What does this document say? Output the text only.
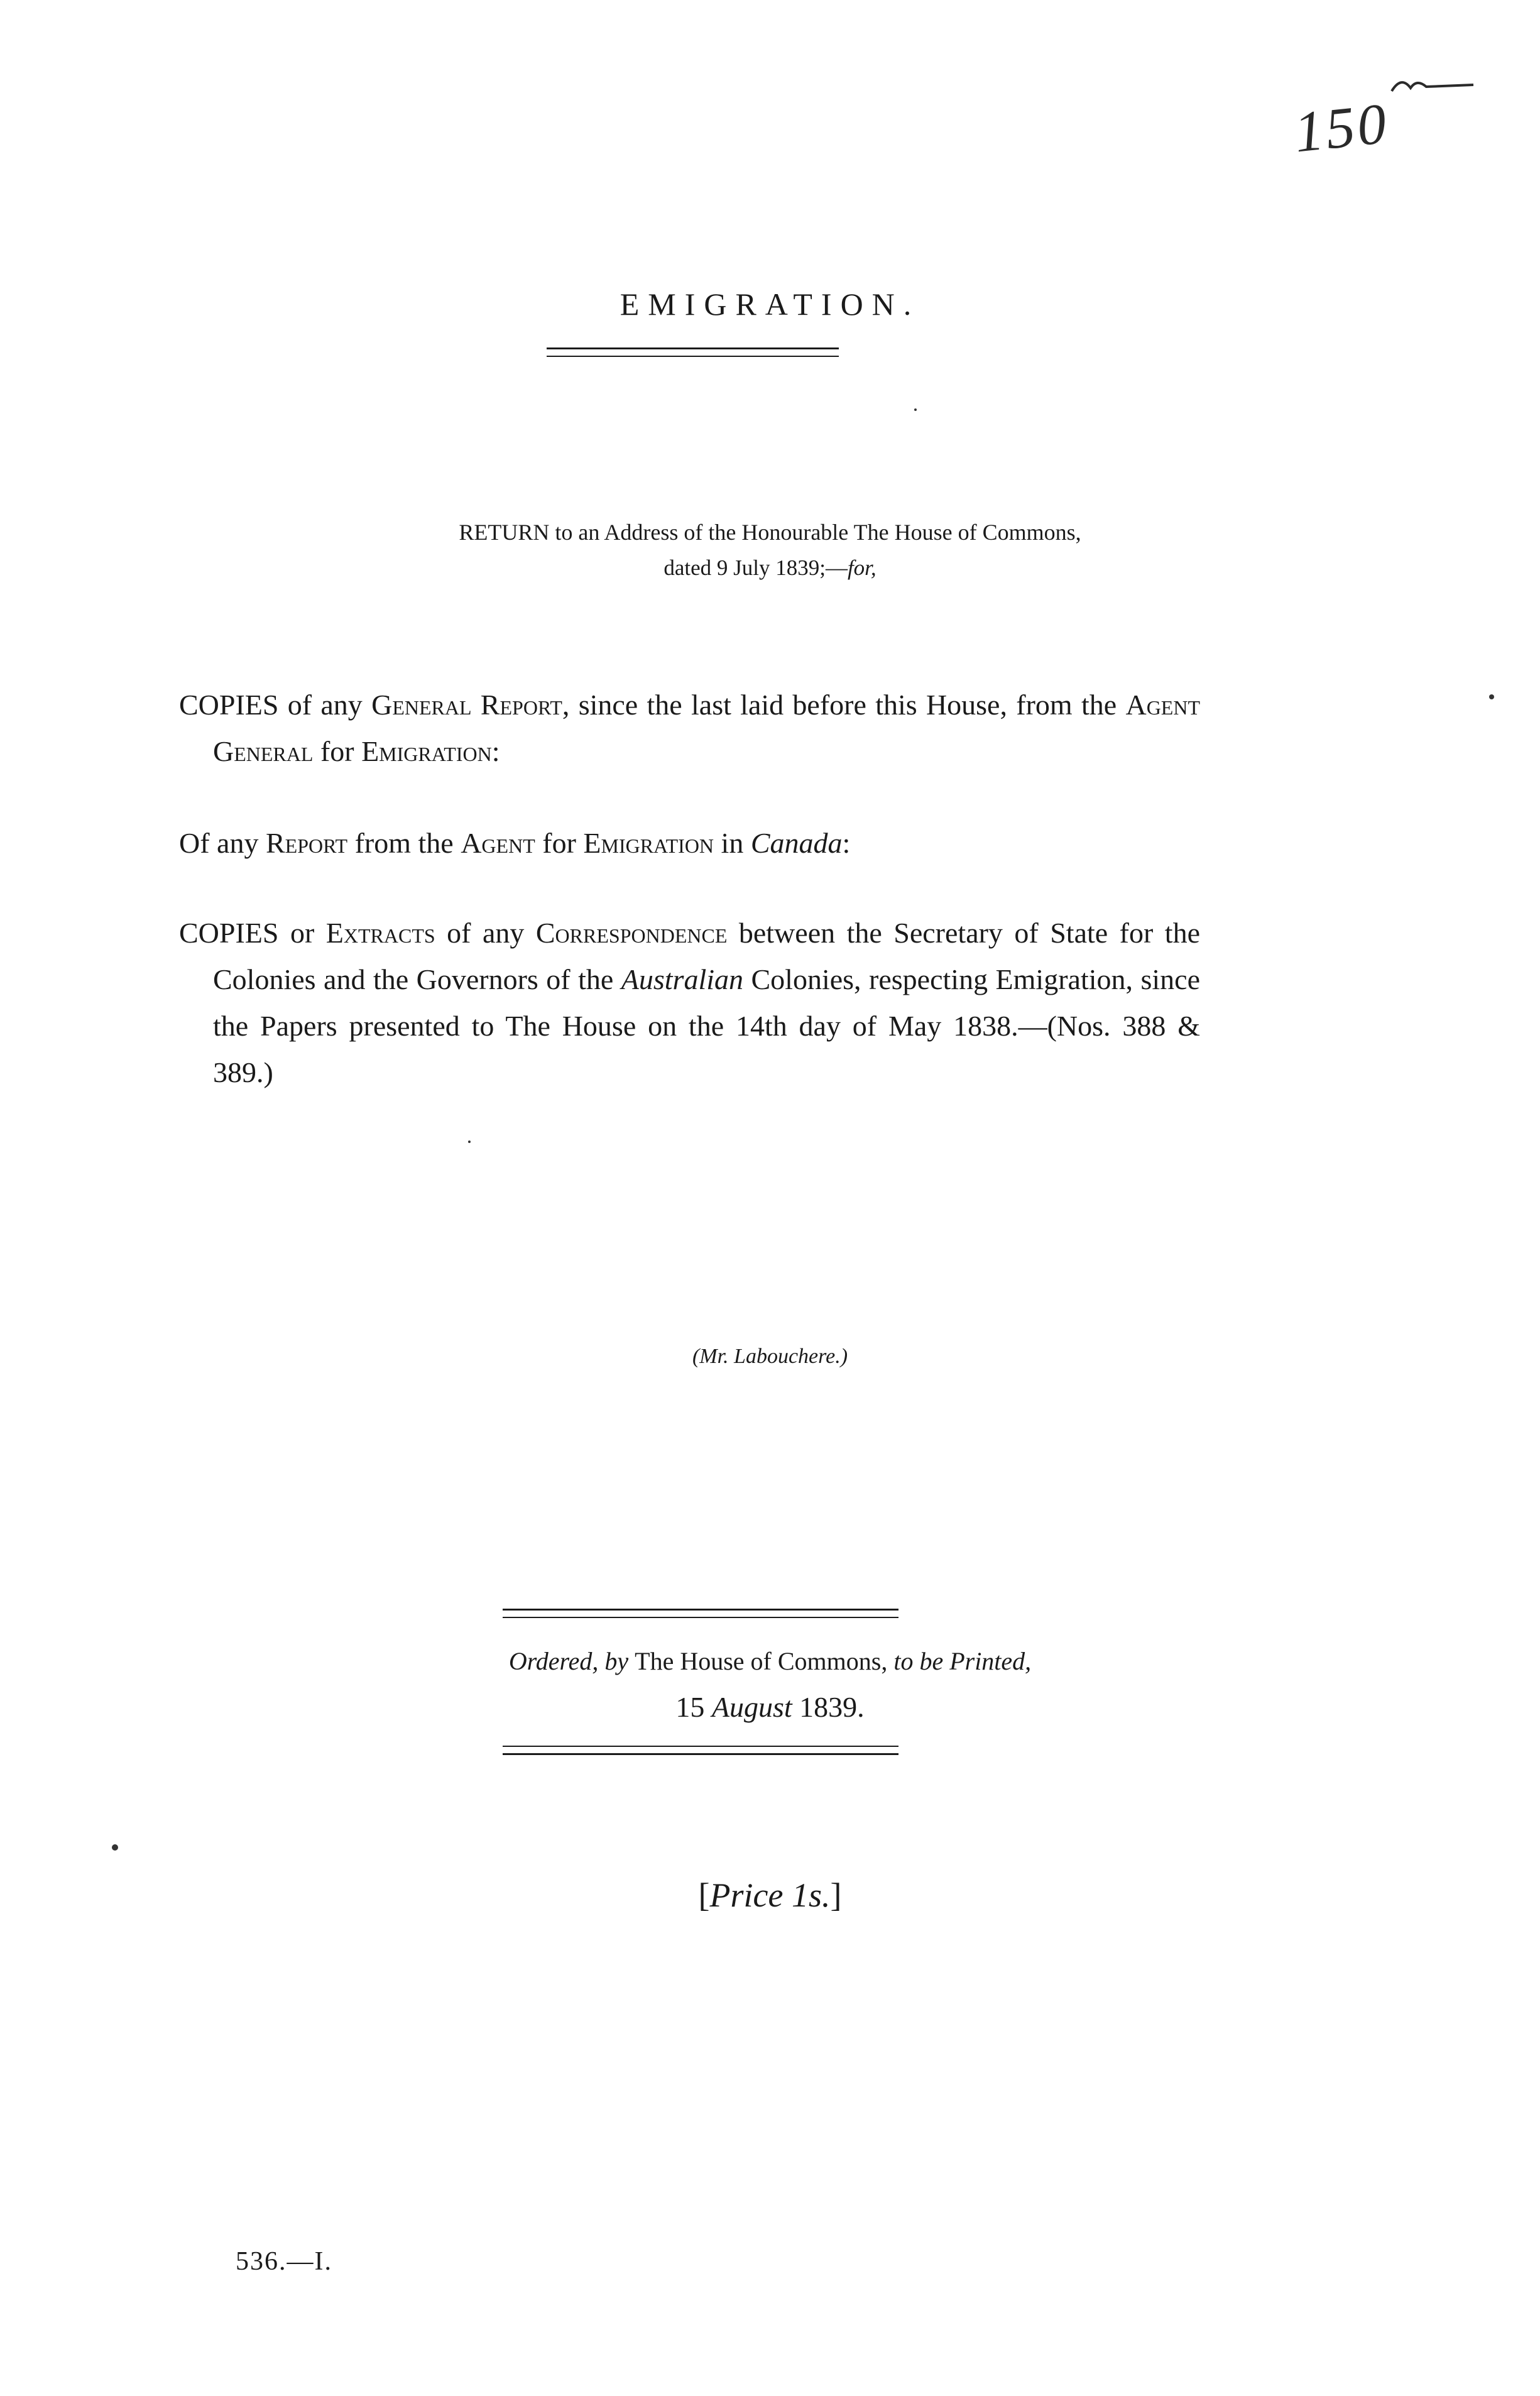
150
EMIGRATION.
RETURN to an Address of the Honourable The House of Commons,
dated 9 July 1839;—for,
COPIES of any General Report, since the last laid before this House, from the Agent General for Emigration:
Of any Report from the Agent for Emigration in Canada:
COPIES or Extracts of any Correspondence between the Secretary of State for the Colonies and the Governors of the Australian Colonies, respecting Emigration, since the Papers presented to The House on the 14th day of May 1838.—(Nos. 388 & 389.)
(Mr. Labouchere.)
Ordered, by The House of Commons, to be Printed,
15 August 1839.
[Price 1s.]
536.—I.
